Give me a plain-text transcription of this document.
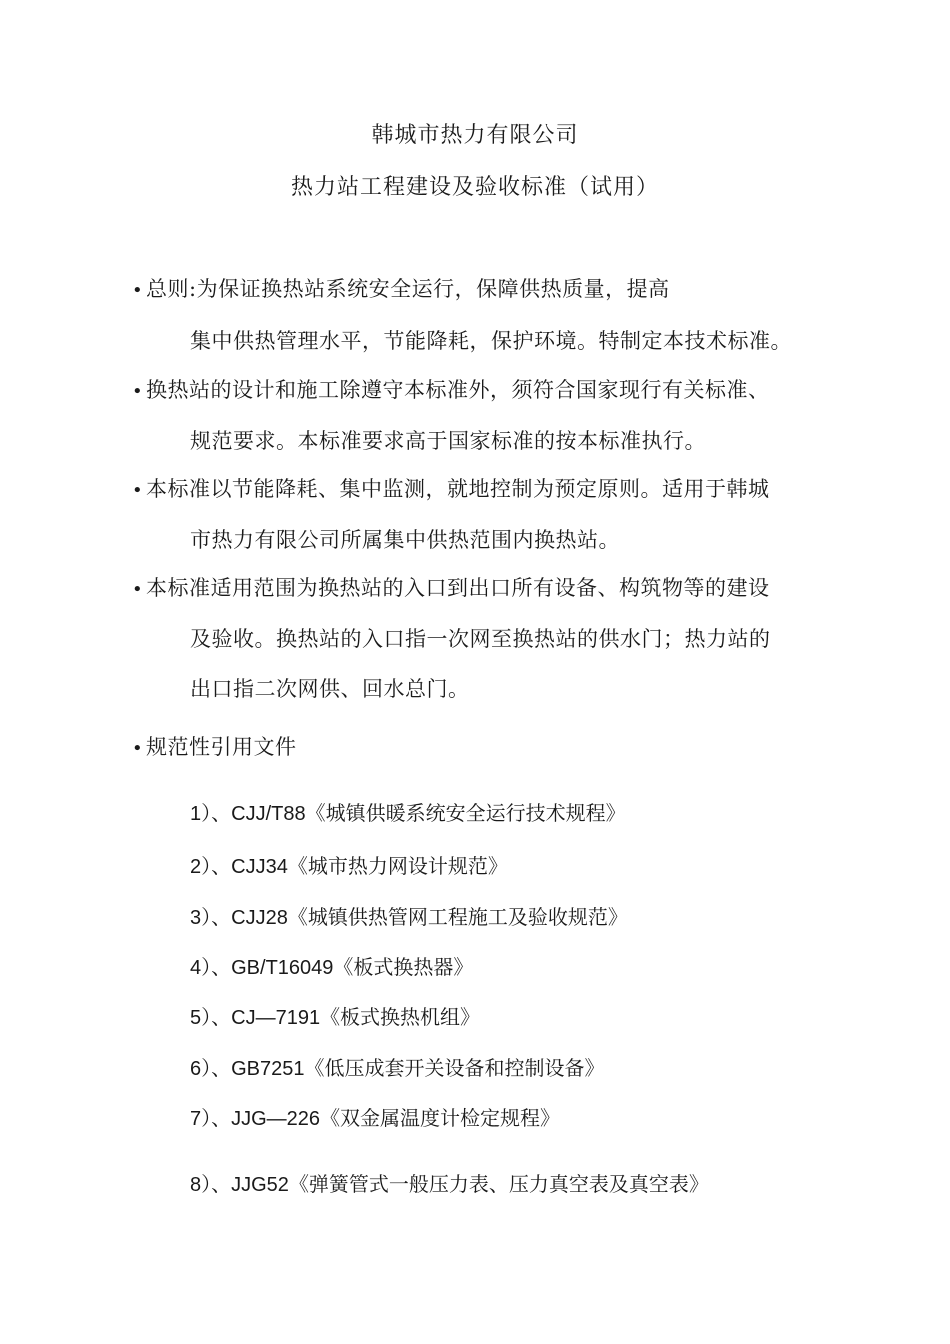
韩城市热力有限公司
热力站工程建设及验收标准（试用）
• 总则:为保证换热站系统安全运行，保障供热质量，提高
集中供热管理水平，节能降耗，保护环境。特制定本技术标准。
• 换热站的设计和施工除遵守本标准外，须符合国家现行有关标准、
规范要求。本标准要求高于国家标准的按本标准执行。
• 本标准以节能降耗、集中监测，就地控制为预定原则。适用于韩城
市热力有限公司所属集中供热范围内换热站。
• 本标准适用范围为换热站的入口到出口所有设备、构筑物等的建设
及验收。换热站的入口指一次网至换热站的供水门；热力站的
出口指二次网供、回水总门。
• 规范性引用文件
1）、CJJ/T88《城镇供暖系统安全运行技术规程》
2）、CJJ34《城市热力网设计规范》
3）、CJJ28《城镇供热管网工程施工及验收规范》
4）、GB/T16049《板式换热器》
5）、CJ—7191《板式换热机组》
6）、GB7251《低压成套开关设备和控制设备》
7）、JJG—226《双金属温度计检定规程》
8）、JJG52《弹簧管式一般压力表、压力真空表及真空表》
